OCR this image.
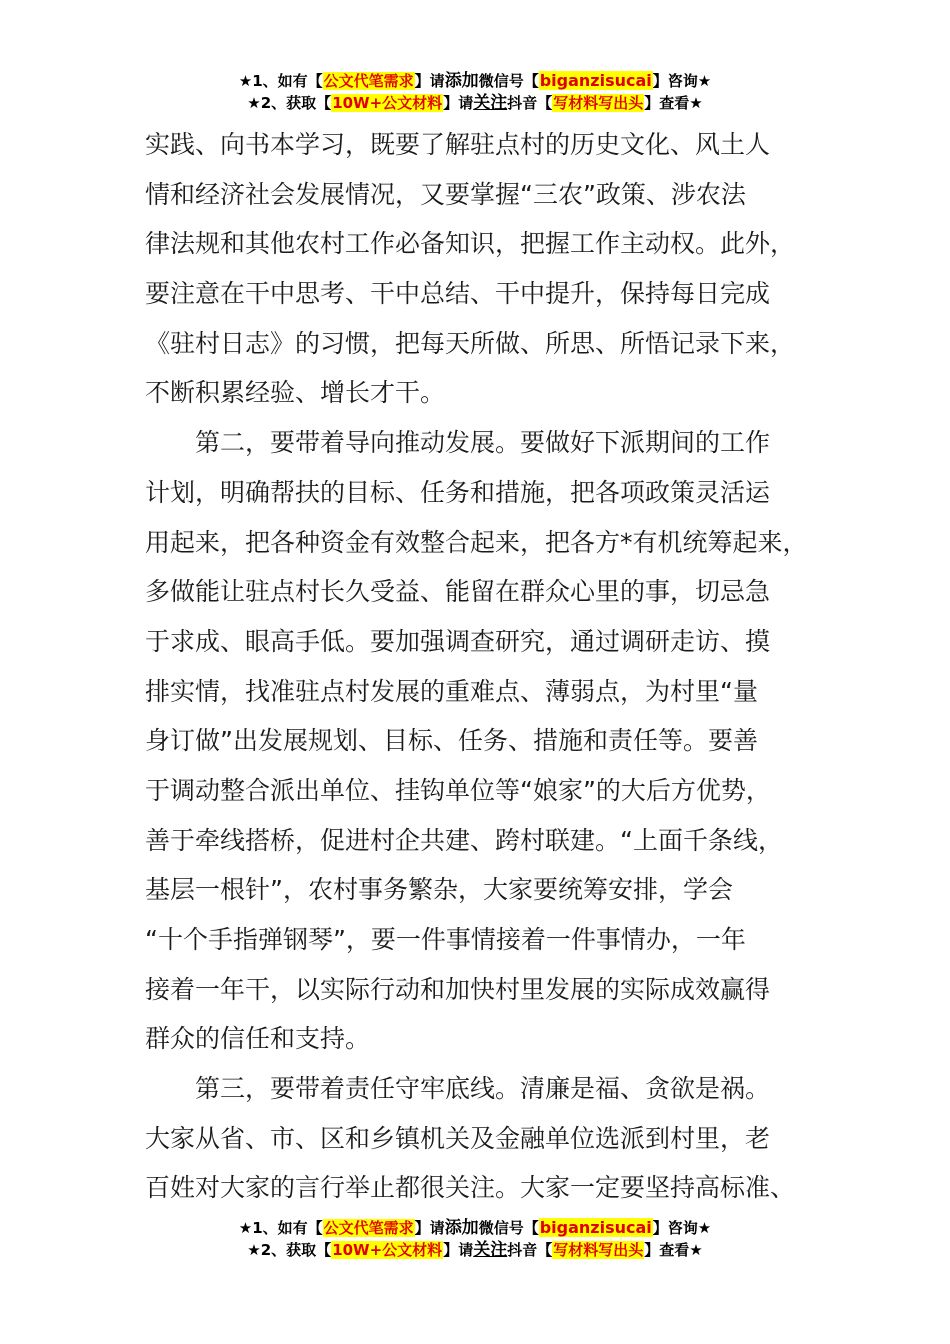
★1、如有【公文代笔需求】请添加微信号【biganzisucai】咨询★
★2、获取【10W+公文材料】请关注抖音【写材料写出头】查看★
实践、向书本学习，既要了解驻点村的历史文化、风土人
情和经济社会发展情况，又要掌握“三农”政策、涉农法
律法规和其他农村工作必备知识，把握工作主动权。此外，
要注意在干中思考、干中总结、干中提升，保持每日完成
《驻村日志》的习惯，把每天所做、所思、所悟记录下来，
不断积累经验、增长才干。
　　第二，要带着导向推动发展。要做好下派期间的工作
计划，明确帮扶的目标、任务和措施，把各项政策灵活运
用起来，把各种资金有效整合起来，把各方*有机统筹起来，
多做能让驻点村长久受益、能留在群众心里的事，切忌急
于求成、眼高手低。要加强调查研究，通过调研走访、摸
排实情，找准驻点村发展的重难点、薄弱点，为村里“量
身订做”出发展规划、目标、任务、措施和责任等。要善
于调动整合派出单位、挂钩单位等“娘家”的大后方优势，
善于牵线搭桥，促进村企共建、跨村联建。“上面千条线，
基层一根针”，农村事务繁杂，大家要统筹安排，学会
“十个手指弹钢琴”，要一件事情接着一件事情办，一年
接着一年干，以实际行动和加快村里发展的实际成效赢得
群众的信任和支持。
　　第三，要带着责任守牢底线。清廉是福、贪欲是祸。
大家从省、市、区和乡镇机关及金融单位选派到村里，老
百姓对大家的言行举止都很关注。大家一定要坚持高标准、
★1、如有【公文代笔需求】请添加微信号【biganzisucai】咨询★
★2、获取【10W+公文材料】请关注抖音【写材料写出头】查看★
